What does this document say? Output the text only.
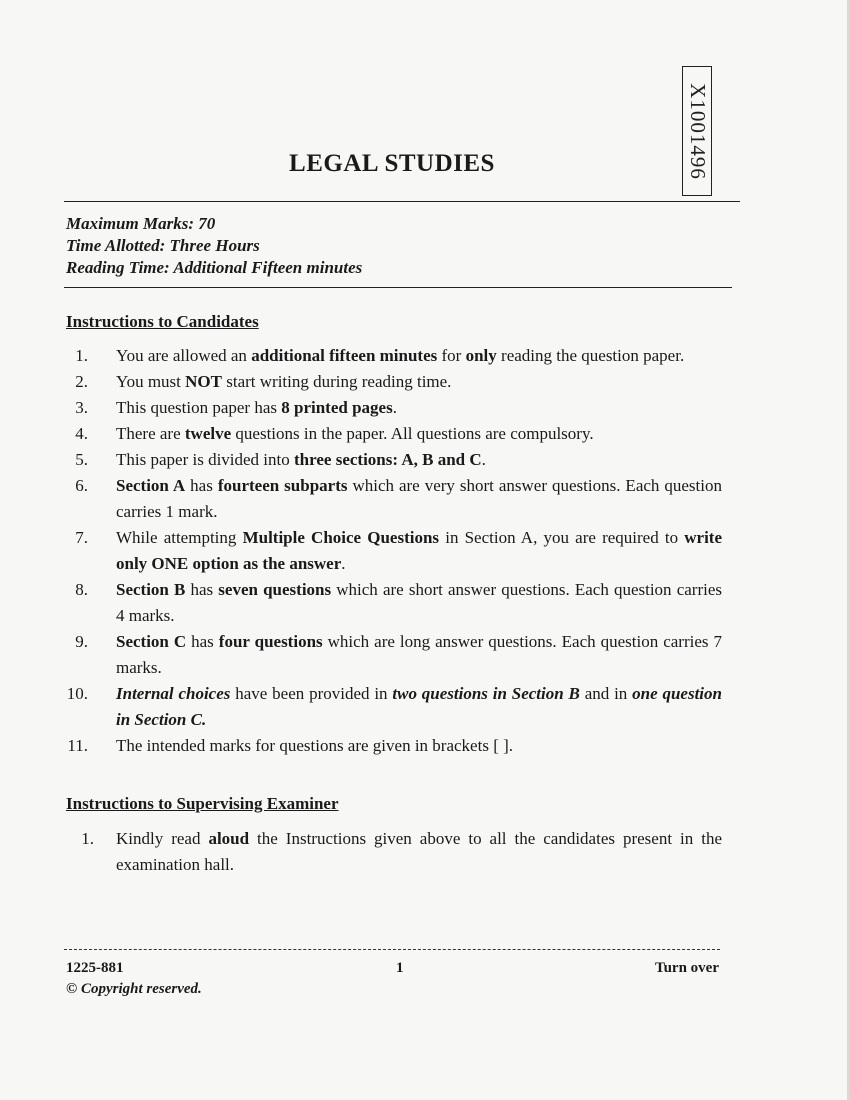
X1001496
LEGAL STUDIES
Maximum Marks: 70
Time Allotted: Three Hours
Reading Time: Additional Fifteen minutes
Instructions to Candidates
1. You are allowed an additional fifteen minutes for only reading the question paper.
2. You must NOT start writing during reading time.
3. This question paper has 8 printed pages.
4. There are twelve questions in the paper. All questions are compulsory.
5. This paper is divided into three sections: A, B and C.
6. Section A has fourteen subparts which are very short answer questions. Each question carries 1 mark.
7. While attempting Multiple Choice Questions in Section A, you are required to write only ONE option as the answer.
8. Section B has seven questions which are short answer questions. Each question carries 4 marks.
9. Section C has four questions which are long answer questions. Each question carries 7 marks.
10. Internal choices have been provided in two questions in Section B and in one question in Section C.
11. The intended marks for questions are given in brackets [ ].
Instructions to Supervising Examiner
1. Kindly read aloud the Instructions given above to all the candidates present in the examination hall.
1225-881	1	Turn over
© Copyright reserved.
